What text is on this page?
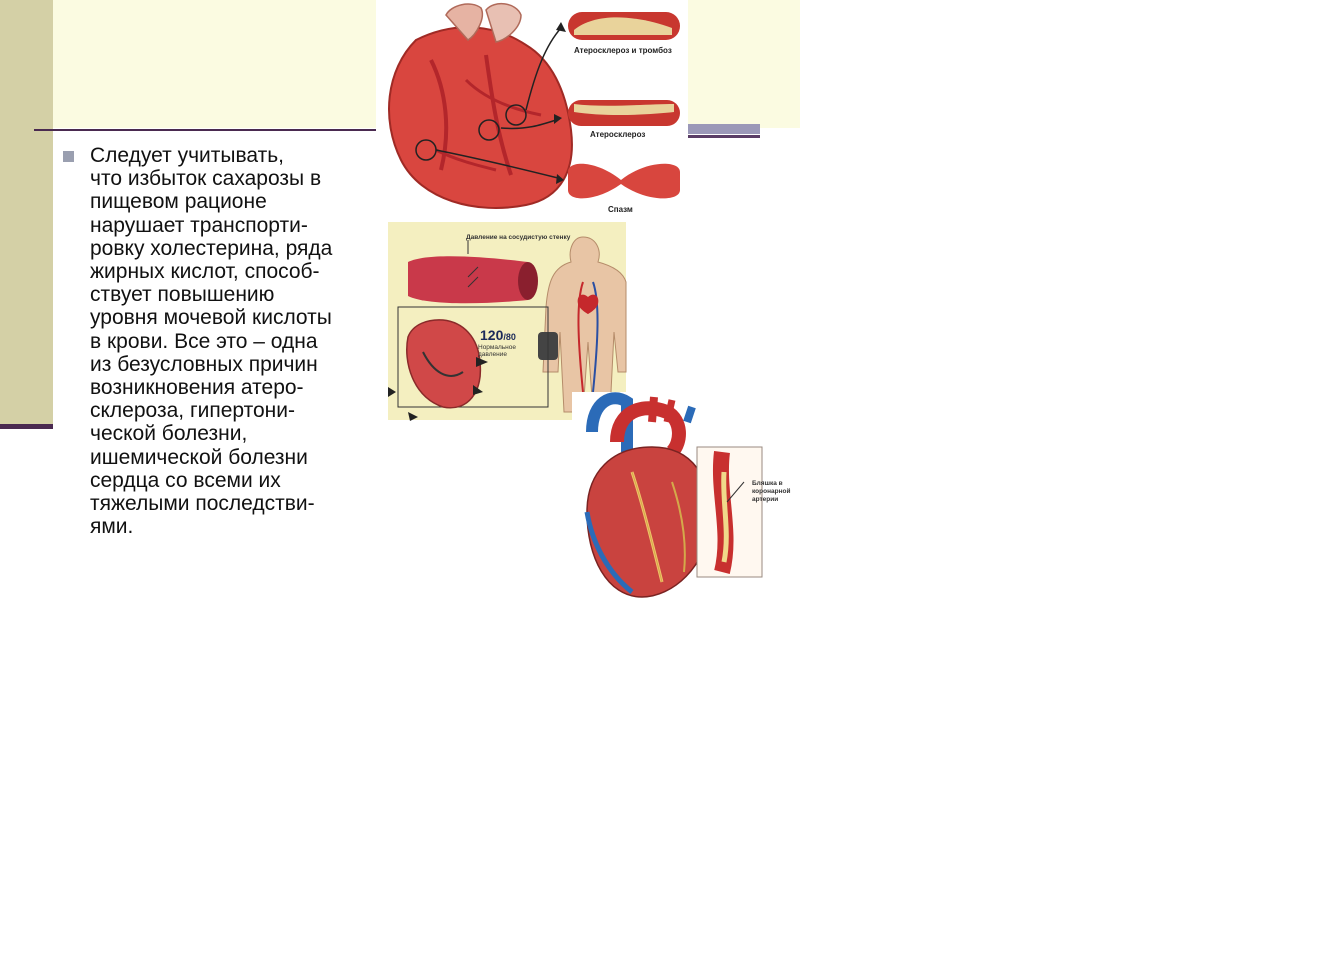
Следует учитывать,
что избыток сахарозы в
пищевом рационе
нарушает транспорти-
ровку холестерина, ряда
жирных кислот, способ-
ствует повышению
уровня мочевой кислоты
в крови. Все это – одна
из безусловных причин
возникновения атеро-
склероза, гипертони-
ческой болезни,
ишемической болезни
сердца со всеми их
тяжелыми последстви-
ями.

Атеросклероз и тромбоз
Атеросклероз
Спазм
Давление на сосудистую стенку
120/80
Нормальное давление
Бляшка в коронарной артерии
MyShared
